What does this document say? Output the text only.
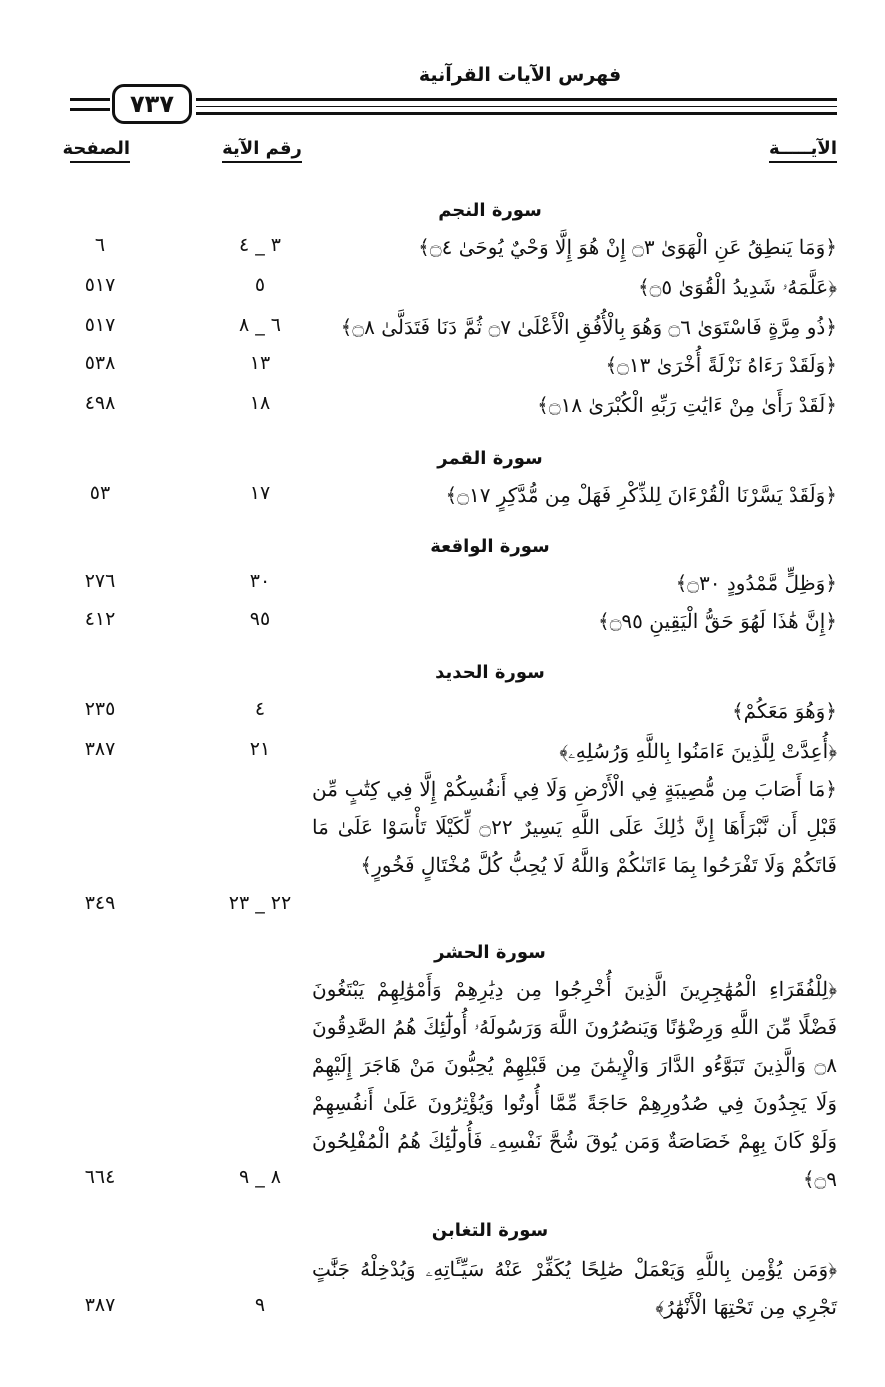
فهرس الآيات القرآنية
٧٣٧
الآيـــــة
رقم الآية
الصفحة
سورة النجم
﴿وَمَا يَنطِقُ عَنِ الْهَوَىٰ ۝٣ إِنْ هُوَ إِلَّا وَحْيٌ يُوحَىٰ ۝٤﴾
٣ _ ٤
٦
﴿عَلَّمَهُۥ شَدِيدُ الْقُوَىٰ ۝٥﴾
٥
٥١٧
﴿ذُو مِرَّةٍ فَاسْتَوَىٰ ۝٦ وَهُوَ بِالْأُفُقِ الْأَعْلَىٰ ۝٧ ثُمَّ دَنَا فَتَدَلَّىٰ ۝٨﴾
٦ _ ٨
٥١٧
﴿وَلَقَدْ رَءَاهُ نَزْلَةً أُخْرَىٰ ۝١٣﴾
١٣
٥٣٨
﴿لَقَدْ رَأَىٰ مِنْ ءَايَٰتِ رَبِّهِ الْكُبْرَىٰ ۝١٨﴾
١٨
٤٩٨
سورة القمر
﴿وَلَقَدْ يَسَّرْنَا الْقُرْءَانَ لِلذِّكْرِ فَهَلْ مِن مُّدَّكِرٍ ۝١٧﴾
١٧
٥٣
سورة الواقعة
﴿وَظِلٍّ مَّمْدُودٍ ۝٣٠﴾
٣٠
٢٧٦
﴿إِنَّ هَٰذَا لَهُوَ حَقُّ الْيَقِينِ ۝٩٥﴾
٩٥
٤١٢
سورة الحديد
﴿وَهُوَ مَعَكُمْ﴾
٤
٢٣٥
﴿أُعِدَّتْ لِلَّذِينَ ءَامَنُوا بِاللَّهِ وَرُسُلِهِۦ﴾
٢١
٣٨٧
﴿مَا أَصَابَ مِن مُّصِيبَةٍ فِي الْأَرْضِ وَلَا فِي أَنفُسِكُمْ إِلَّا فِي كِتَٰبٍ مِّن قَبْلِ أَن نَّبْرَأَهَا إِنَّ ذَٰلِكَ عَلَى اللَّهِ يَسِيرٌ ۝٢٢ لِّكَيْلَا تَأْسَوْا عَلَىٰ مَا فَاتَكُمْ وَلَا تَفْرَحُوا بِمَا ءَاتَىٰكُمْ وَاللَّهُ لَا يُحِبُّ كُلَّ مُخْتَالٍ فَخُورٍ﴾
٢٢ _ ٢٣
٣٤٩
سورة الحشر
﴿لِلْفُقَرَاءِ الْمُهَٰجِرِينَ الَّذِينَ أُخْرِجُوا مِن دِيَٰرِهِمْ وَأَمْوَٰلِهِمْ يَبْتَغُونَ فَضْلًا مِّنَ اللَّهِ وَرِضْوَٰنًا وَيَنصُرُونَ اللَّهَ وَرَسُولَهُۥ أُولَٰٓئِكَ هُمُ الصَّٰدِقُونَ ۝٨ وَالَّذِينَ تَبَوَّءُو الدَّارَ وَالْإِيمَٰنَ مِن قَبْلِهِمْ يُحِبُّونَ مَنْ هَاجَرَ إِلَيْهِمْ وَلَا يَجِدُونَ فِي صُدُورِهِمْ حَاجَةً مِّمَّا أُوتُوا وَيُؤْثِرُونَ عَلَىٰ أَنفُسِهِمْ وَلَوْ كَانَ بِهِمْ خَصَاصَةٌ وَمَن يُوقَ شُحَّ نَفْسِهِۦ فَأُولَٰٓئِكَ هُمُ الْمُفْلِحُونَ ۝٩﴾
٨ _ ٩
٦٦٤
سورة التغابن
﴿وَمَن يُؤْمِن بِاللَّهِ وَيَعْمَلْ صَٰلِحًا يُكَفِّرْ عَنْهُ سَيِّـَٔاتِهِۦ وَيُدْخِلْهُ جَنَّٰتٍ تَجْرِي مِن تَحْتِهَا الْأَنْهَٰرُ﴾
٩
٣٨٧
